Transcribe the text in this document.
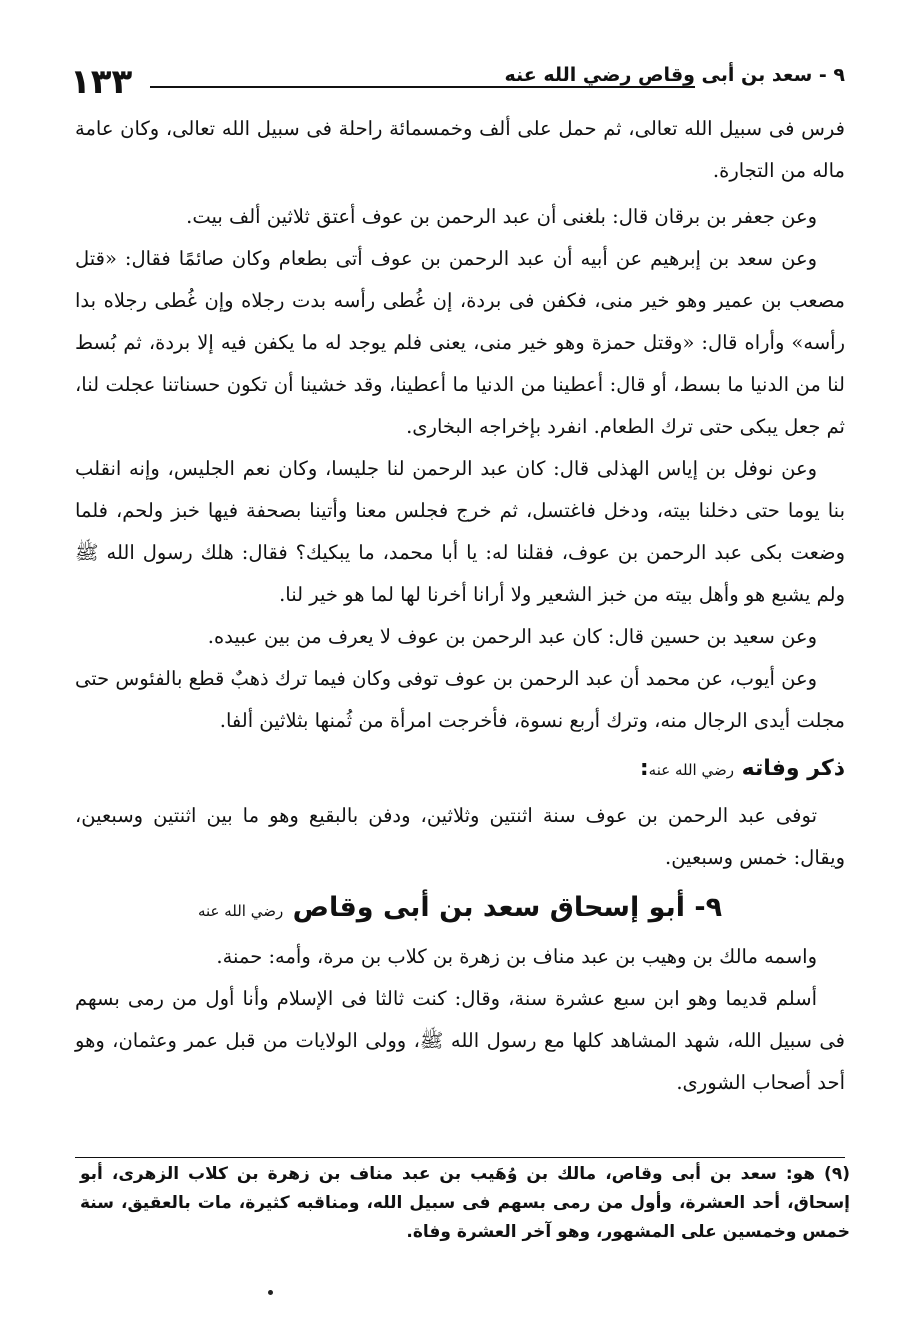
١٣٣	٩ - سعد بن أبى وقاص رضي الله عنه

فرس فى سبيل الله تعالى، ثم حمل على ألف وخمسمائة راحلة فى سبيل الله تعالى، وكان عامة ماله من التجارة.

وعن جعفر بن برقان قال: بلغنى أن عبد الرحمن بن عوف أعتق ثلاثين ألف بيت.

وعن سعد بن إبرهيم عن أبيه أن عبد الرحمن بن عوف أتى بطعام وكان صائمًا فقال: «قتل مصعب بن عمير وهو خير منى، فكفن فى بردة، إن غُطى رأسه بدت رجلاه وإن غُطى رجلاه بدا رأسه» وأراه قال: «وقتل حمزة وهو خير منى، يعنى فلم يوجد له ما يكفن فيه إلا بردة، ثم بُسط لنا من الدنيا ما بسط، أو قال: أعطينا من الدنيا ما أعطينا، وقد خشينا أن تكون حسناتنا عجلت لنا، ثم جعل يبكى حتى ترك الطعام. انفرد بإخراجه البخارى.

وعن نوفل بن إياس الهذلى قال: كان عبد الرحمن لنا جليسا، وكان نعم الجليس، وإنه انقلب بنا يوما حتى دخلنا بيته، ودخل فاغتسل، ثم خرج فجلس معنا وأتينا بصحفة فيها خبز ولحم، فلما وضعت بكى عبد الرحمن بن عوف، فقلنا له: يا أبا محمد، ما يبكيك؟ فقال: هلك رسول الله ﷺ ولم يشبع هو وأهل بيته من خبز الشعير ولا أرانا أخرنا لها لما هو خير لنا.

وعن سعيد بن حسين قال: كان عبد الرحمن بن عوف لا يعرف من بين عبيده.

وعن أيوب، عن محمد أن عبد الرحمن بن عوف توفى وكان فيما ترك ذهبٌ قطع بالفئوس حتى مجلت أيدى الرجال منه، وترك أربع نسوة، فأخرجت امرأة من ثُمنها بثلاثين ألفا.

ذكر وفاته رضي الله عنه:

توفى عبد الرحمن بن عوف سنة اثنتين وثلاثين، ودفن بالبقيع وهو ما بين اثنتين وسبعين، ويقال: خمس وسبعين.

٩- أبو إسحاق سعد بن أبى وقاص رضي الله عنه

واسمه مالك بن وهيب بن عبد مناف بن زهرة بن كلاب بن مرة، وأمه: حمنة.

أسلم قديما وهو ابن سبع عشرة سنة، وقال: كنت ثالثا فى الإسلام وأنا أول من رمى بسهم فى سبيل الله، شهد المشاهد كلها مع رسول الله ﷺ، وولى الولايات من قبل عمر وعثمان، وهو أحد أصحاب الشورى.

(٩) هو: سعد بن أبى وقاص، مالك بن وُهَيب بن عبد مناف بن زهرة بن كلاب الزهرى، أبو إسحاق، أحد العشرة، وأول من رمى بسهم فى سبيل الله، ومناقبه كثيرة، مات بالعقيق، سنة خمس وخمسين على المشهور، وهو آخر العشرة وفاة.
